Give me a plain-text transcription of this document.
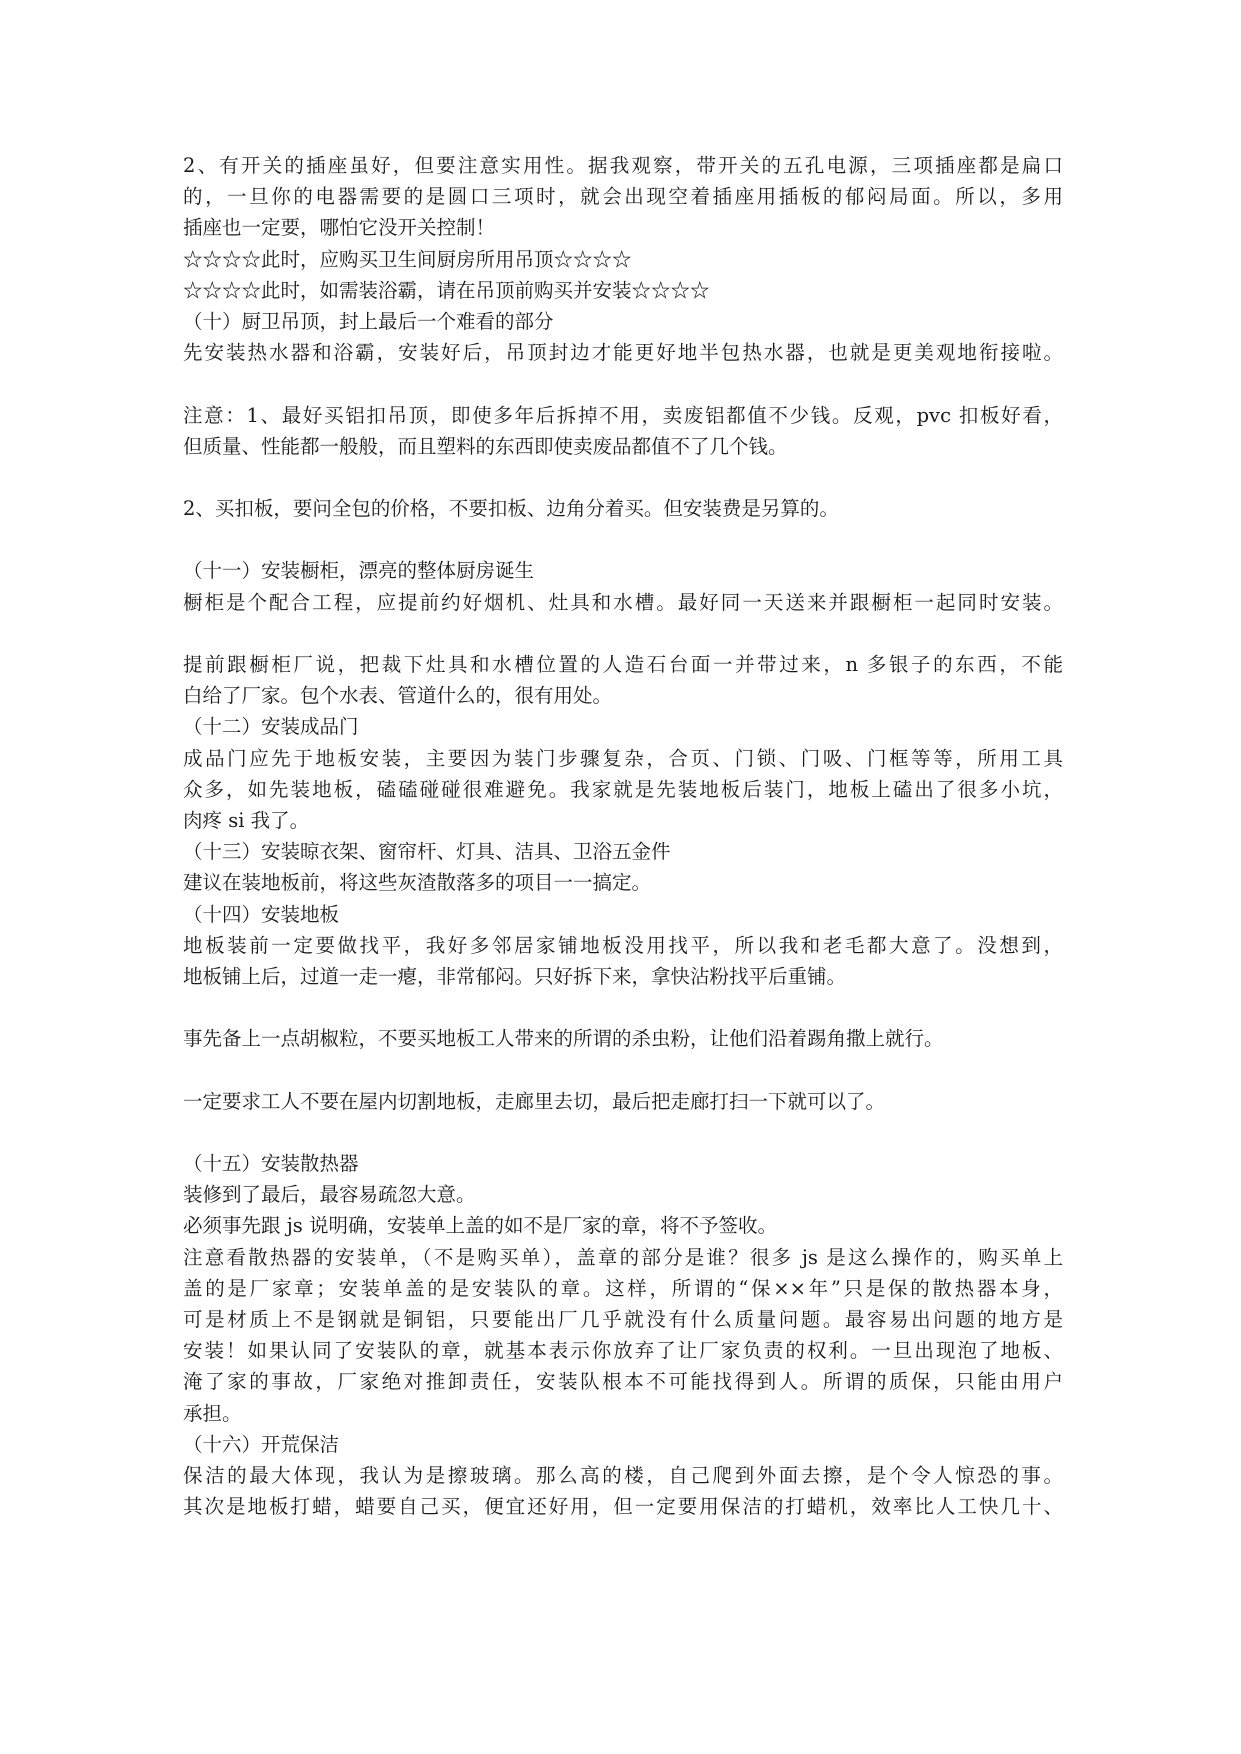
2、有开关的插座虽好，但要注意实用性。据我观察，带开关的五孔电源，三项插座都是扁口
的，一旦你的电器需要的是圆口三项时，就会出现空着插座用插板的郁闷局面。所以，多用
插座也一定要，哪怕它没开关控制！
☆☆☆☆此时，应购买卫生间厨房所用吊顶☆☆☆☆
☆☆☆☆此时，如需装浴霸，请在吊顶前购买并安装☆☆☆☆
（十）厨卫吊顶，封上最后一个难看的部分
先安装热水器和浴霸，安装好后，吊顶封边才能更好地半包热水器，也就是更美观地衔接啦。
注意：1、最好买铝扣吊顶，即使多年后拆掉不用，卖废铝都值不少钱。反观，pvc 扣板好看，
但质量、性能都一般般，而且塑料的东西即使卖废品都值不了几个钱。
2、买扣板，要问全包的价格，不要扣板、边角分着买。但安装费是另算的。
（十一）安装橱柜，漂亮的整体厨房诞生
橱柜是个配合工程，应提前约好烟机、灶具和水槽。最好同一天送来并跟橱柜一起同时安装。
提前跟橱柜厂说，把裁下灶具和水槽位置的人造石台面一并带过来，n 多银子的东西，不能
白给了厂家。包个水表、管道什么的，很有用处。
（十二）安装成品门
成品门应先于地板安装，主要因为装门步骤复杂，合页、门锁、门吸、门框等等，所用工具
众多，如先装地板，磕磕碰碰很难避免。我家就是先装地板后装门，地板上磕出了很多小坑，
肉疼 si 我了。
（十三）安装晾衣架、窗帘杆、灯具、洁具、卫浴五金件
建议在装地板前，将这些灰渣散落多的项目一一搞定。
（十四）安装地板
地板装前一定要做找平，我好多邻居家铺地板没用找平，所以我和老毛都大意了。没想到，
地板铺上后，过道一走一瘪，非常郁闷。只好拆下来，拿快沾粉找平后重铺。
事先备上一点胡椒粒，不要买地板工人带来的所谓的杀虫粉，让他们沿着踢角撒上就行。
一定要求工人不要在屋内切割地板，走廊里去切，最后把走廊打扫一下就可以了。
（十五）安装散热器
装修到了最后，最容易疏忽大意。
必须事先跟 js 说明确，安装单上盖的如不是厂家的章，将不予签收。
注意看散热器的安装单，（不是购买单），盖章的部分是谁？很多 js 是这么操作的，购买单上
盖的是厂家章；安装单盖的是安装队的章。这样，所谓的“保××年”只是保的散热器本身，
可是材质上不是钢就是铜铝，只要能出厂几乎就没有什么质量问题。最容易出问题的地方是
安装！如果认同了安装队的章，就基本表示你放弃了让厂家负责的权利。一旦出现泡了地板、
淹了家的事故，厂家绝对推卸责任，安装队根本不可能找得到人。所谓的质保，只能由用户
承担。
（十六）开荒保洁
保洁的最大体现，我认为是擦玻璃。那么高的楼，自己爬到外面去擦，是个令人惊恐的事。
其次是地板打蜡，蜡要自己买，便宜还好用，但一定要用保洁的打蜡机，效率比人工快几十、
